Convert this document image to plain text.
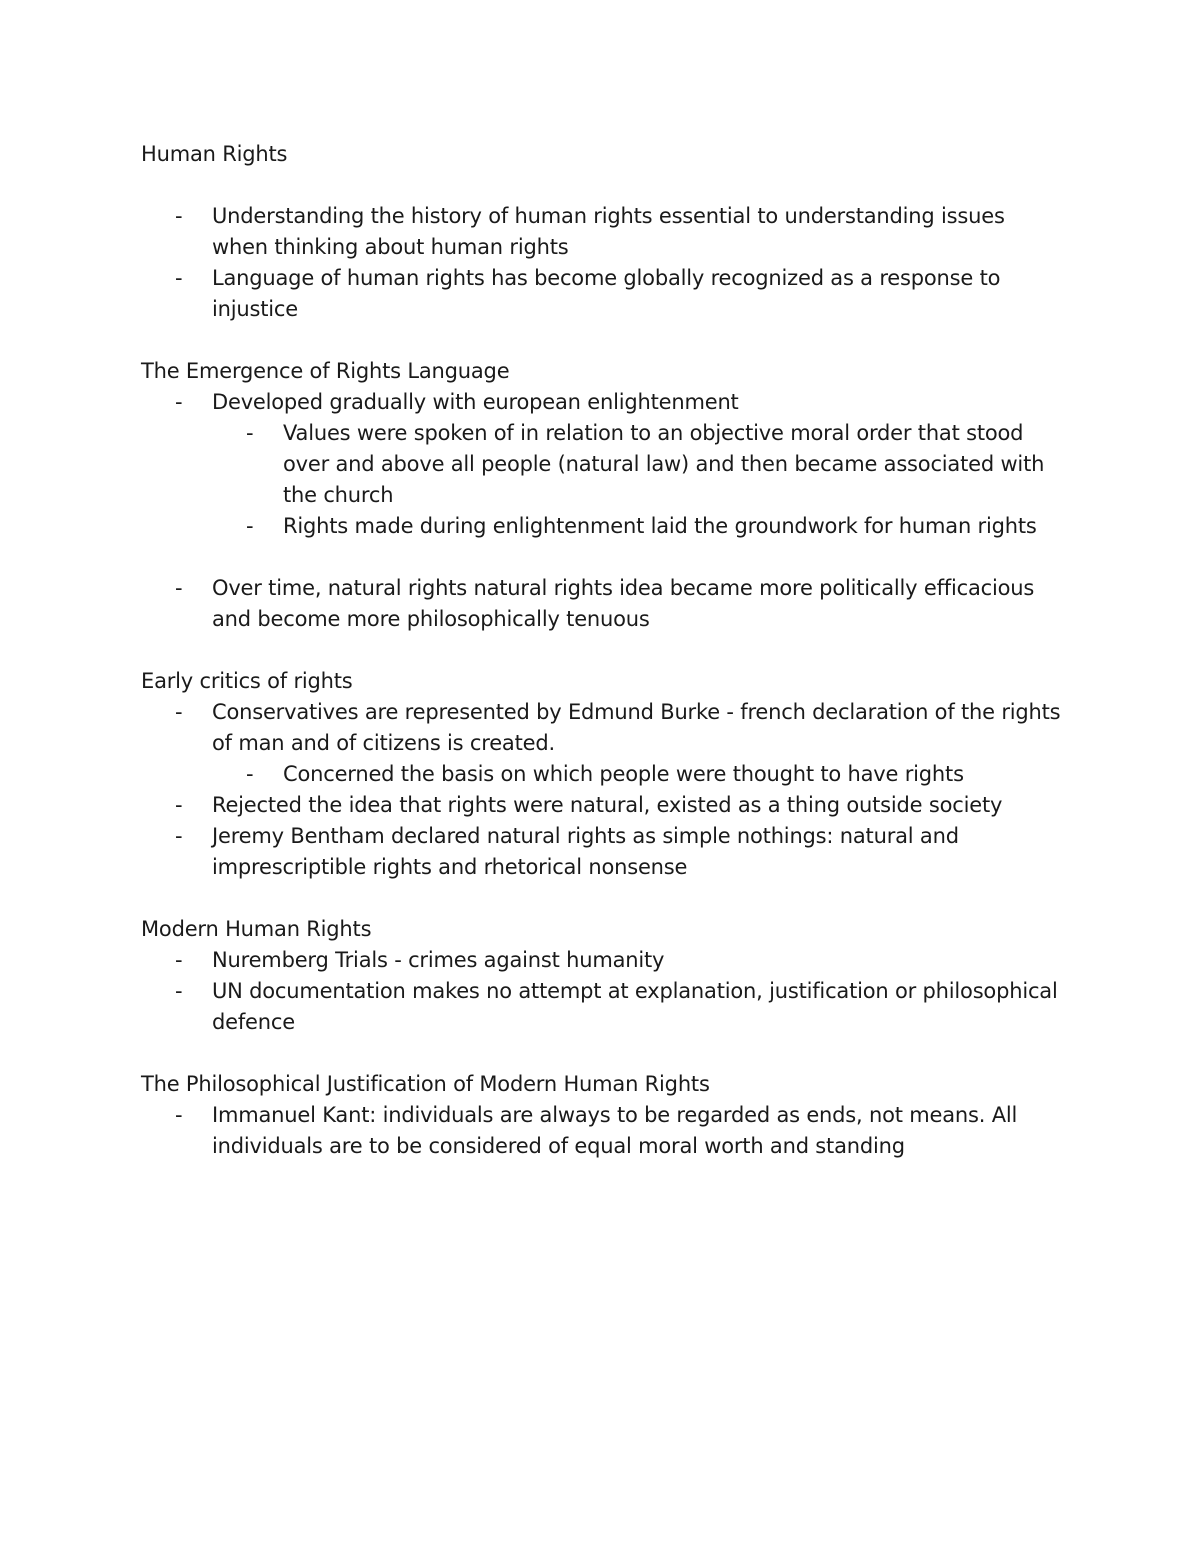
Human Rights

- Understanding the history of human rights essential to understanding issues when thinking about human rights
- Language of human rights has become globally recognized as a response to injustice

The Emergence of Rights Language

- Developed gradually with european enlightenment
- Values were spoken of in relation to an objective moral order that stood over and above all people (natural law) and then became associated with the church
- Rights made during enlightenment laid the groundwork for human rights
- Over time, natural rights natural rights idea became more politically efficacious and become more philosophically tenuous

Early critics of rights

- Conservatives are represented by Edmund Burke - french declaration of the rights of man and of citizens is created.
- Concerned the basis on which people were thought to have rights
- Rejected the idea that rights were natural, existed as a thing outside society
- Jeremy Bentham declared natural rights as simple nothings: natural and imprescriptible rights and rhetorical nonsense

Modern Human Rights

- Nuremberg Trials - crimes against humanity
- UN documentation makes no attempt at explanation, justification or philosophical defence

The Philosophical Justification of Modern Human Rights

- Immanuel Kant: individuals are always to be regarded as ends, not means. All individuals are to be considered of equal moral worth and standing
